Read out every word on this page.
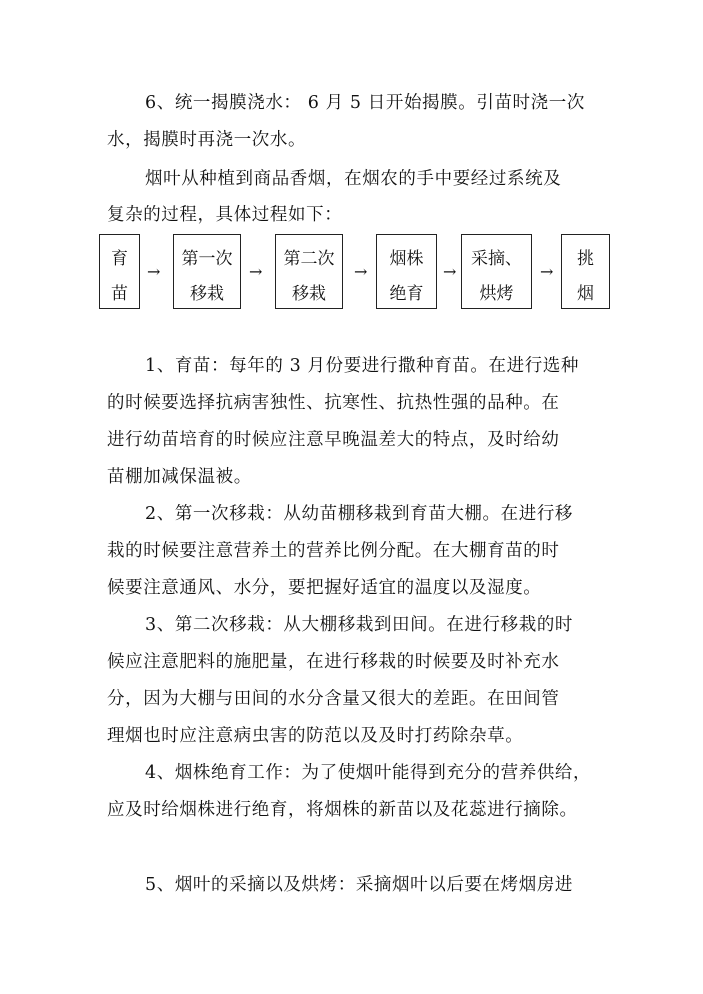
6、统一揭膜浇水： 6 月 5 日开始揭膜。引苗时浇一次
水，揭膜时再浇一次水。
烟叶从种植到商品香烟，在烟农的手中要经过系统及
复杂的过程，具体过程如下：
育
苗
→
第一次
移栽
→
第二次
移栽
→
烟株
绝育
→
采摘、
烘烤
→
挑
烟
1、育苗：每年的 3 月份要进行撒种育苗。在进行选种
的时候要选择抗病害独性、抗寒性、抗热性强的品种。在
进行幼苗培育的时候应注意早晚温差大的特点，及时给幼
苗棚加减保温被。
2、第一次移栽：从幼苗棚移栽到育苗大棚。在进行移
栽的时候要注意营养土的营养比例分配。在大棚育苗的时
候要注意通风、水分，要把握好适宜的温度以及湿度。
3、第二次移栽：从大棚移栽到田间。在进行移栽的时
候应注意肥料的施肥量，在进行移栽的时候要及时补充水
分，因为大棚与田间的水分含量又很大的差距。在田间管
理烟也时应注意病虫害的防范以及及时打药除杂草。
4、烟株绝育工作：为了使烟叶能得到充分的营养供给，
应及时给烟株进行绝育，将烟株的新苗以及花蕊进行摘除。
5、烟叶的采摘以及烘烤：采摘烟叶以后要在烤烟房进
